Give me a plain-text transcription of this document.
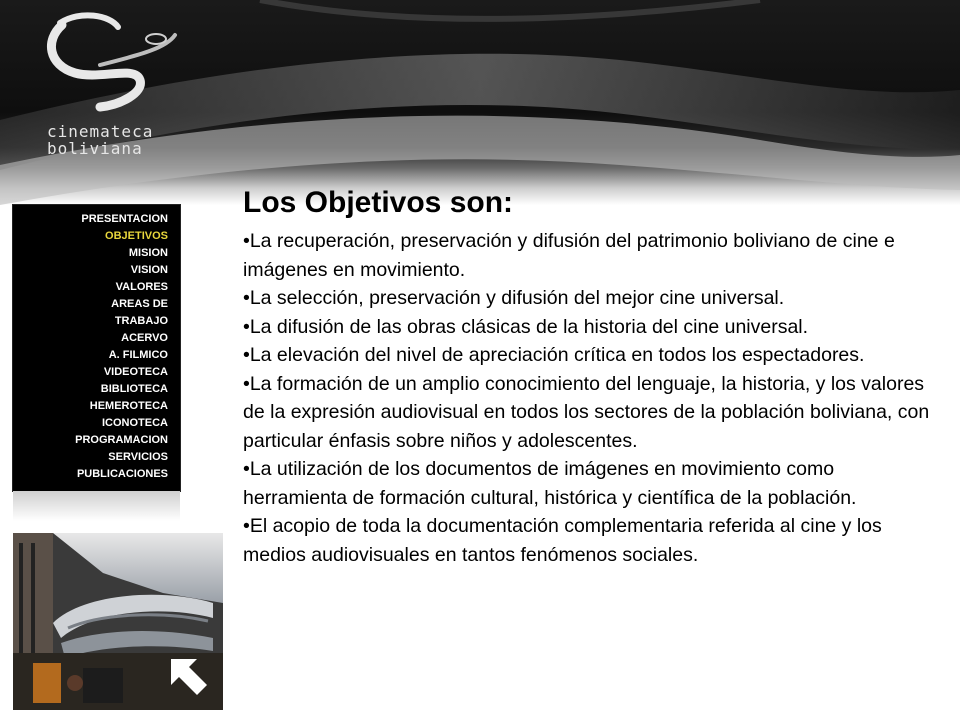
cinemateca
boliviana
PRESENTACION
OBJETIVOS
MISION
VISION
VALORES
AREAS DE
TRABAJO
ACERVO
A. FILMICO
VIDEOTECA
BIBLIOTECA
HEMEROTECA
ICONOTECA
PROGRAMACION
SERVICIOS
PUBLICACIONES
Los Objetivos son:
•La recuperación, preservación y difusión del patrimonio boliviano de cine e imágenes en movimiento.
•La selección, preservación y difusión del mejor cine universal.
•La difusión de las obras clásicas de la historia del cine universal.
•La elevación del nivel de apreciación crítica en todos los espectadores.
•La formación de un amplio conocimiento del lenguaje, la historia, y los valores de la expresión audiovisual en todos los sectores de la población boliviana, con particular énfasis sobre niños y adolescentes.
•La utilización de los documentos de imágenes en movimiento como herramienta de formación cultural, histórica y científica de la población.
•El acopio de toda la documentación complementaria referida al cine y los medios audiovisuales en tantos fenómenos sociales.
